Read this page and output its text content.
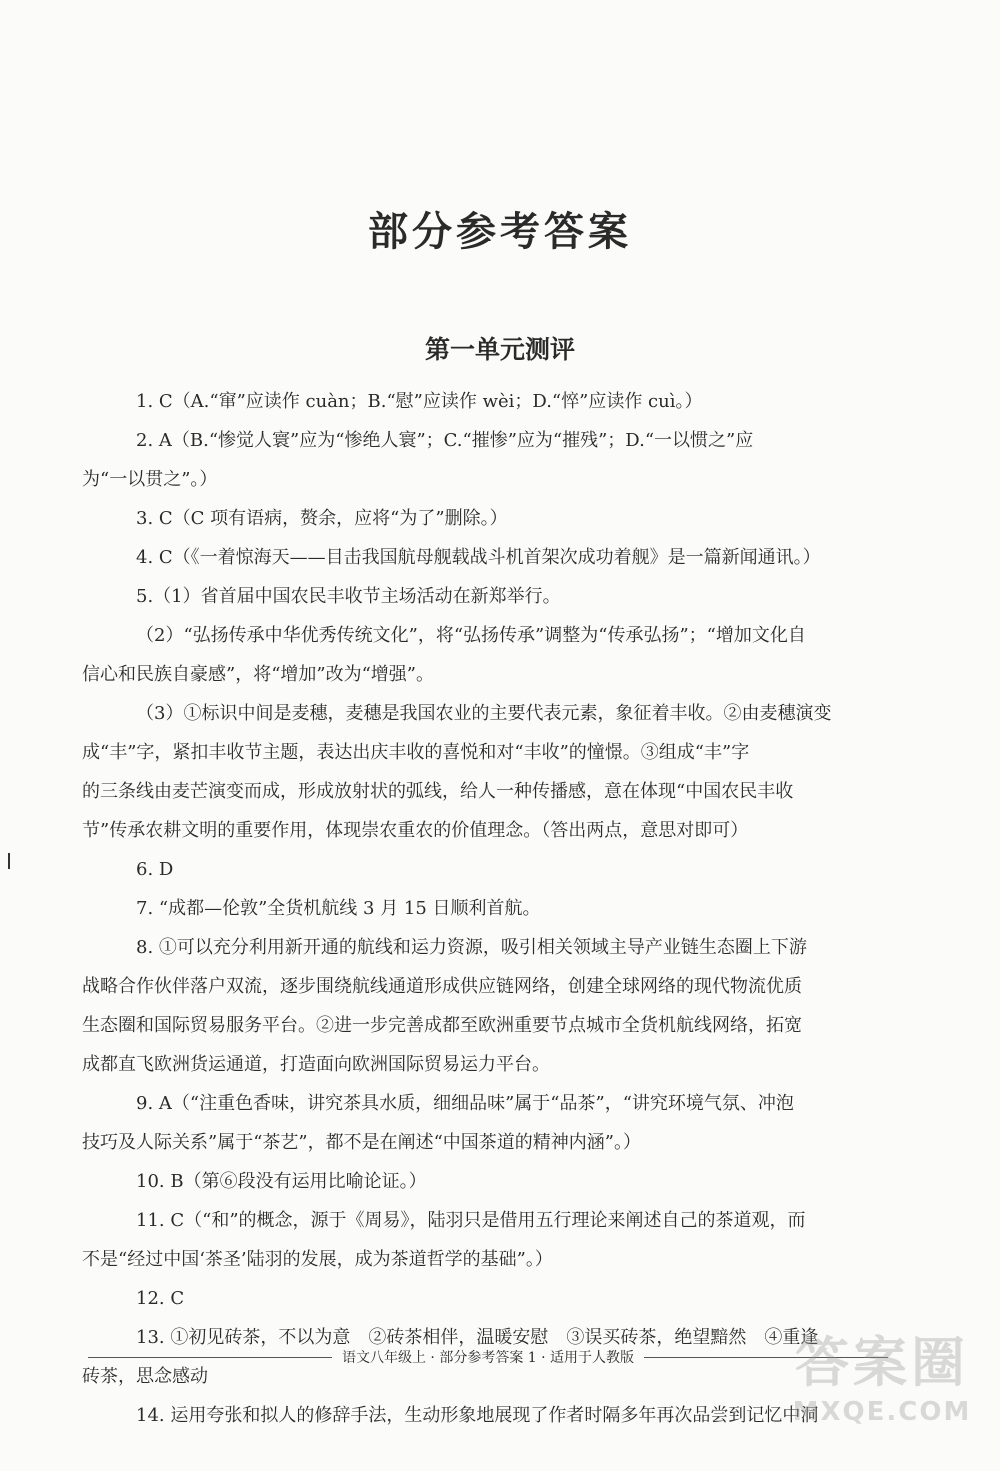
部分参考答案
第一单元测评

1. C（A.“窜”应读作 cuàn；B.“慰”应读作 wèi；D.“悴”应读作 cuì。）

2. A（B.“惨觉人寰”应为“惨绝人寰”；C.“摧惨”应为“摧残”；D.“一以惯之”应

为“一以贯之”。）

3. C（C 项有语病，赘余，应将“为了”删除。）

4. C（《一着惊海天——目击我国航母舰载战斗机首架次成功着舰》是一篇新闻通讯。）

5.（1）省首届中国农民丰收节主场活动在新郑举行。

（2）“弘扬传承中华优秀传统文化”，将“弘扬传承”调整为“传承弘扬”；“增加文化自

信心和民族自豪感”，将“增加”改为“增强”。

（3）①标识中间是麦穗，麦穗是我国农业的主要代表元素，象征着丰收。②由麦穗演变

成“丰”字，紧扣丰收节主题，表达出庆丰收的喜悦和对“丰收”的憧憬。③组成“丰”字

的三条线由麦芒演变而成，形成放射状的弧线，给人一种传播感，意在体现“中国农民丰收

节”传承农耕文明的重要作用，体现崇农重农的价值理念。（答出两点，意思对即可）

6. D

7. “成都—伦敦”全货机航线 3 月 15 日顺利首航。

8. ①可以充分利用新开通的航线和运力资源，吸引相关领域主导产业链生态圈上下游

战略合作伙伴落户双流，逐步围绕航线通道形成供应链网络，创建全球网络的现代物流优质

生态圈和国际贸易服务平台。②进一步完善成都至欧洲重要节点城市全货机航线网络，拓宽

成都直飞欧洲货运通道，打造面向欧洲国际贸易运力平台。

9. A（“注重色香味，讲究茶具水质，细细品味”属于“品茶”，“讲究环境气氛、冲泡

技巧及人际关系”属于“茶艺”，都不是在阐述“中国茶道的精神内涵”。）

10. B（第⑥段没有运用比喻论证。）

11. C（“和”的概念，源于《周易》，陆羽只是借用五行理论来阐述自己的茶道观，而

不是“经过中国‘茶圣’陆羽的发展，成为茶道哲学的基础”。）

12. C

13. ①初见砖茶，不以为意　②砖茶相伴，温暖安慰　③误买砖茶，绝望黯然　④重逢

砖茶，思念感动

14. 运用夸张和拟人的修辞手法，生动形象地展现了作者时隔多年再次品尝到记忆中洞

语文八年级上 · 部分参考答案 1 · 适用于人教版	答案圈
MXQE.COM
